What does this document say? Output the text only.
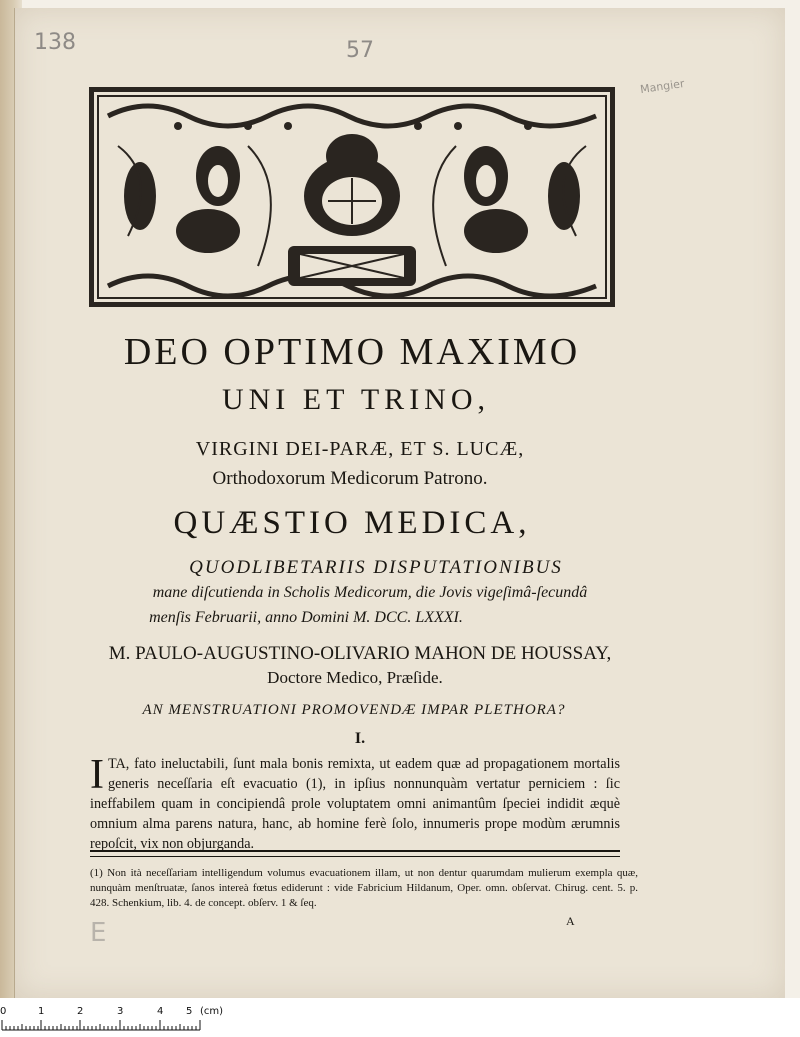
138	57
Mangier
DEO OPTIMO MAXIMO
UNI ET TRINO,
VIRGINI DEI-PARÆ, ET S. LUCÆ,
Orthodoxorum Medicorum Patrono.
QUÆSTIO MEDICA,
QUODLIBETARIIS DISPUTATIONIBUS
mane diſcutienda in Scholis Medicorum, die Jovis vigeſimâ-ſecundâ
menſis Februarii, anno Domini M. DCC. LXXXI.
M. PAULO-AUGUSTINO-OLIVARIO MAHON DE HOUSSAY,
Doctore Medico, Præſide.
AN MENSTRUATIONI PROMOVENDÆ IMPAR PLETHORA?
I.
I TA, fato ineluctabili, ſunt mala bonis remixta, ut eadem quæ ad propagationem mortalis generis neceſſaria eſt evacuatio (1), in ipſius nonnunquàm vertatur perniciem : ſic ineffabilem quam in concipiendâ prole voluptatem omni animantûm ſpeciei indidit æquè omnium alma parens natura, hanc, ab homine ferè ſolo, innumeris prope modùm ærumnis repoſcit, vix non objurganda.
(1) Non ità neceſſariam intelligendum volumus evacuationem illam, ut non dentur quarumdam mulierum exempla quæ, nunquàm menſtruatæ, ſanos intereà fœtus ediderunt : vide Fabricium Hildanum, Oper. omn. obſervat. Chirug. cent. 5. p. 428. Schenkium, lib. 4. de concept. obſerv. 1 & ſeq.
A
E
0	1	2	3	4 5 (cm)
